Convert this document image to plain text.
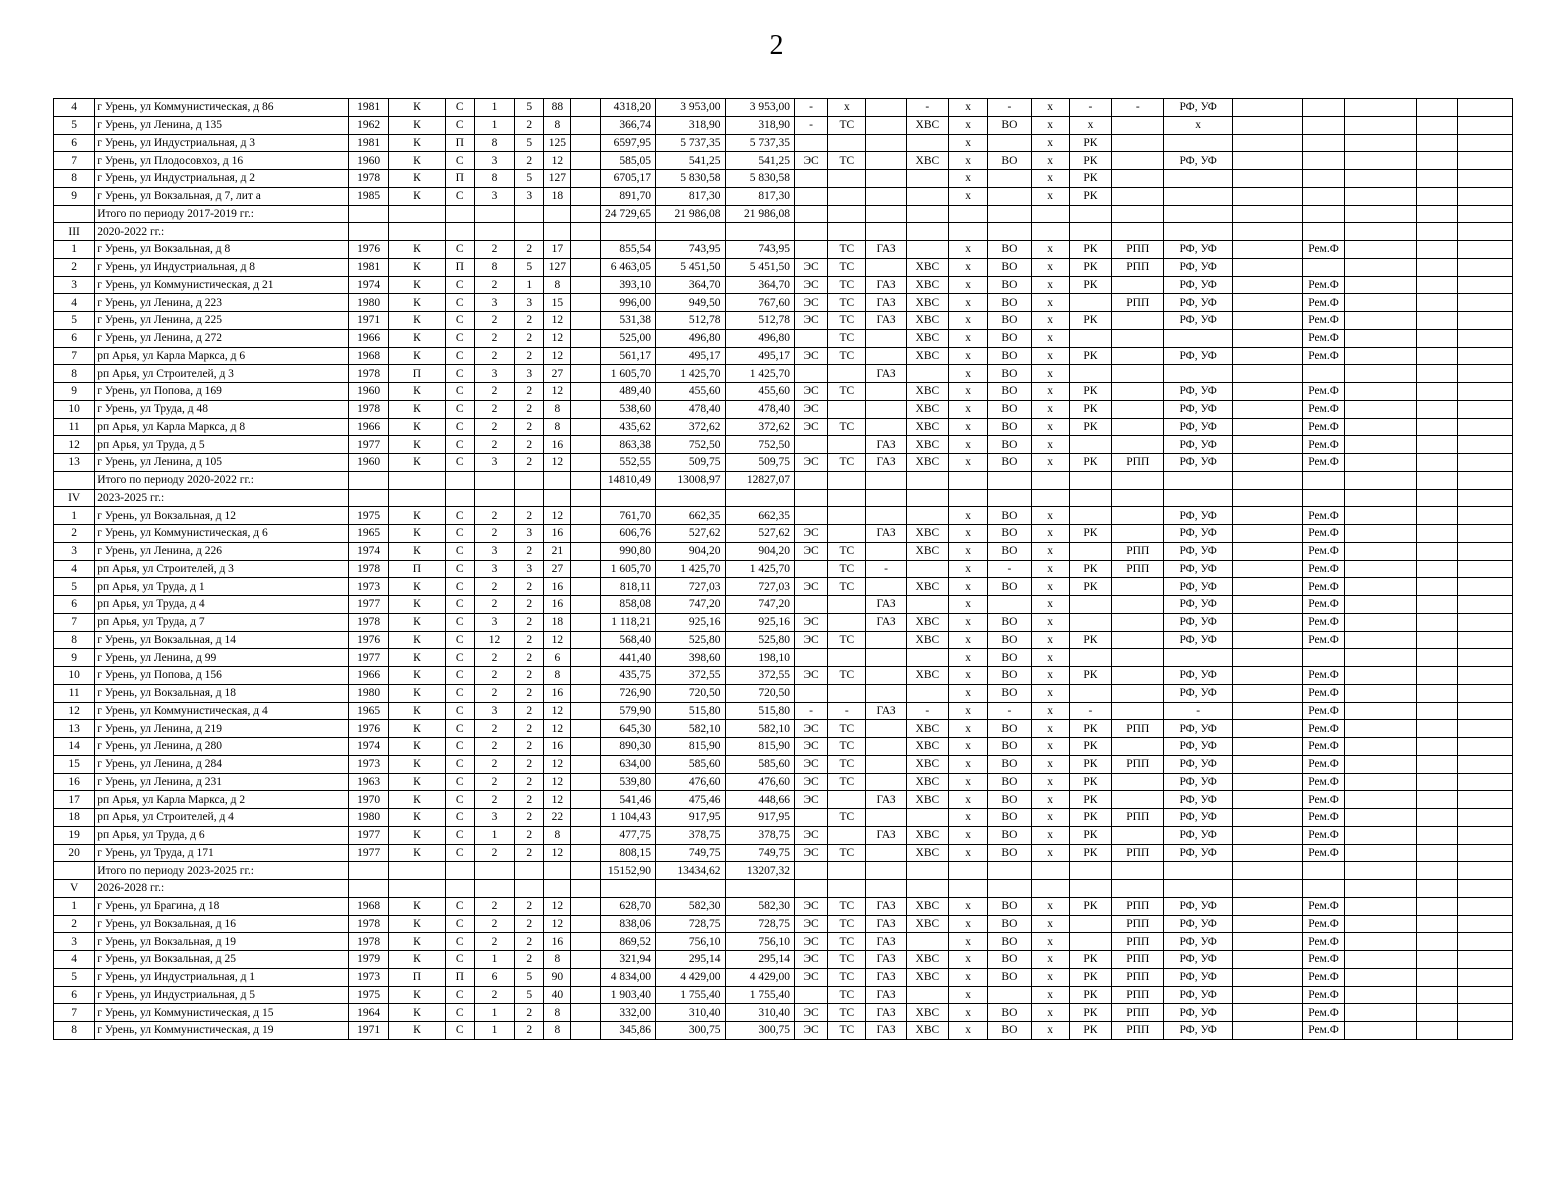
2
4	г Урень, ул Коммунистическая, д 86	1981	К	С	1	5	88		4318,20	3 953,00	3 953,00	-	х		-	х	-	х	-	-	РФ, УФ					
5	г Урень, ул Ленина, д 135	1962	К	С	1	2	8		366,74	318,90	318,90	-	ТС		ХВС	х	ВО	х	х		х					
6	г Урень, ул Индустриальная, д 3	1981	К	П	8	5	125		6597,95	5 737,35	5 737,35					х		х	РК							
7	г Урень, ул Плодосовхоз, д 16	1960	К	С	3	2	12		585,05	541,25	541,25	ЭС	ТС		ХВС	х	ВО	х	РК		РФ, УФ					
8	г Урень, ул Индустриальная, д 2	1978	К	П	8	5	127		6705,17	5 830,58	5 830,58					х		х	РК							
9	г Урень, ул Вокзальная, д 7, лит а	1985	К	С	3	3	18		891,70	817,30	817,30					х		х	РК							
	Итого по периоду 2017-2019 гг.:								24 729,65	21 986,08	21 986,08															
III	2020-2022 гг.:																									
1	г Урень, ул Вокзальная, д 8	1976	К	С	2	2	17		855,54	743,95	743,95		ТС	ГАЗ		х	ВО	х	РК	РПП	РФ, УФ		Рем.Ф			
2	г Урень, ул Индустриальная, д 8	1981	К	П	8	5	127		6 463,05	5 451,50	5 451,50	ЭС	ТС		ХВС	х	ВО	х	РК	РПП	РФ, УФ					
3	г Урень, ул Коммунистическая, д 21	1974	К	С	2	1	8		393,10	364,70	364,70	ЭС	ТС	ГАЗ	ХВС	х	ВО	х	РК		РФ, УФ		Рем.Ф			
4	г Урень, ул Ленина, д 223	1980	К	С	3	3	15		996,00	949,50	767,60	ЭС	ТС	ГАЗ	ХВС	х	ВО	х		РПП	РФ, УФ		Рем.Ф			
5	г Урень, ул Ленина, д 225	1971	К	С	2	2	12		531,38	512,78	512,78	ЭС	ТС	ГАЗ	ХВС	х	ВО	х	РК		РФ, УФ		Рем.Ф			
6	г Урень, ул Ленина, д 272	1966	К	С	2	2	12		525,00	496,80	496,80		ТС		ХВС	х	ВО	х					Рем.Ф			
7	рп Арья, ул Карла Маркса, д 6	1968	К	С	2	2	12		561,17	495,17	495,17	ЭС	ТС		ХВС	х	ВО	х	РК		РФ, УФ		Рем.Ф			
8	рп Арья, ул Строителей, д 3	1978	П	С	3	3	27		1 605,70	1 425,70	1 425,70			ГАЗ		х	ВО	х								
9	г Урень, ул Попова, д 169	1960	К	С	2	2	12		489,40	455,60	455,60	ЭС	ТС		ХВС	х	ВО	х	РК		РФ, УФ		Рем.Ф			
10	г Урень, ул Труда, д 48	1978	К	С	2	2	8		538,60	478,40	478,40	ЭС			ХВС	х	ВО	х	РК		РФ, УФ		Рем.Ф			
11	рп Арья, ул Карла Маркса, д 8	1966	К	С	2	2	8		435,62	372,62	372,62	ЭС	ТС		ХВС	х	ВО	х	РК		РФ, УФ		Рем.Ф			
12	рп Арья, ул Труда, д 5	1977	К	С	2	2	16		863,38	752,50	752,50			ГАЗ	ХВС	х	ВО	х			РФ, УФ		Рем.Ф			
13	г Урень, ул Ленина, д 105	1960	К	С	3	2	12		552,55	509,75	509,75	ЭС	ТС	ГАЗ	ХВС	х	ВО	х	РК	РПП	РФ, УФ		Рем.Ф			
	Итого по периоду 2020-2022 гг.:								14810,49	13008,97	12827,07															
IV	2023-2025 гг.:																									
1	г Урень, ул Вокзальная, д 12	1975	К	С	2	2	12		761,70	662,35	662,35					х	ВО	х			РФ, УФ		Рем.Ф			
2	г Урень, ул Коммунистическая, д 6	1965	К	С	2	3	16		606,76	527,62	527,62	ЭС		ГАЗ	ХВС	х	ВО	х	РК		РФ, УФ		Рем.Ф			
3	г Урень, ул Ленина, д 226	1974	К	С	3	2	21		990,80	904,20	904,20	ЭС	ТС		ХВС	х	ВО	х		РПП	РФ, УФ		Рем.Ф			
4	рп Арья, ул Строителей, д 3	1978	П	С	3	3	27		1 605,70	1 425,70	1 425,70		ТС	-		х	-	х	РК	РПП	РФ, УФ		Рем.Ф			
5	рп Арья, ул Труда, д 1	1973	К	С	2	2	16		818,11	727,03	727,03	ЭС	ТС		ХВС	х	ВО	х	РК		РФ, УФ		Рем.Ф			
6	рп Арья, ул Труда, д 4	1977	К	С	2	2	16		858,08	747,20	747,20			ГАЗ		х		х			РФ, УФ		Рем.Ф			
7	рп Арья, ул Труда, д 7	1978	К	С	3	2	18		1 118,21	925,16	925,16	ЭС		ГАЗ	ХВС	х	ВО	х			РФ, УФ		Рем.Ф			
8	г Урень, ул Вокзальная, д 14	1976	К	С	12	2	12		568,40	525,80	525,80	ЭС	ТС		ХВС	х	ВО	х	РК		РФ, УФ		Рем.Ф			
9	г Урень, ул Ленина, д 99	1977	К	С	2	2	6		441,40	398,60	198,10					х	ВО	х								
10	г Урень, ул Попова, д 156	1966	К	С	2	2	8		435,75	372,55	372,55	ЭС	ТС		ХВС	х	ВО	х	РК		РФ, УФ		Рем.Ф			
11	г Урень, ул Вокзальная, д 18	1980	К	С	2	2	16		726,90	720,50	720,50					х	ВО	х			РФ, УФ		Рем.Ф			
12	г Урень, ул Коммунистическая, д 4	1965	К	С	3	2	12		579,90	515,80	515,80	-	-	ГАЗ	-	х	-	х	-		-		Рем.Ф			
13	г Урень, ул Ленина, д 219	1976	К	С	2	2	12		645,30	582,10	582,10	ЭС	ТС		ХВС	х	ВО	х	РК	РПП	РФ, УФ		Рем.Ф			
14	г Урень, ул Ленина, д 280	1974	К	С	2	2	16		890,30	815,90	815,90	ЭС	ТС		ХВС	х	ВО	х	РК		РФ, УФ		Рем.Ф			
15	г Урень, ул Ленина, д 284	1973	К	С	2	2	12		634,00	585,60	585,60	ЭС	ТС		ХВС	х	ВО	х	РК	РПП	РФ, УФ		Рем.Ф			
16	г Урень, ул Ленина, д 231	1963	К	С	2	2	12		539,80	476,60	476,60	ЭС	ТС		ХВС	х	ВО	х	РК		РФ, УФ		Рем.Ф			
17	рп Арья, ул Карла Маркса, д 2	1970	К	С	2	2	12		541,46	475,46	448,66	ЭС		ГАЗ	ХВС	х	ВО	х	РК		РФ, УФ		Рем.Ф			
18	рп Арья, ул Строителей, д 4	1980	К	С	3	2	22		1 104,43	917,95	917,95		ТС			х	ВО	х	РК	РПП	РФ, УФ		Рем.Ф			
19	рп Арья, ул Труда, д 6	1977	К	С	1	2	8		477,75	378,75	378,75	ЭС		ГАЗ	ХВС	х	ВО	х	РК		РФ, УФ		Рем.Ф			
20	г Урень, ул Труда, д 171	1977	К	С	2	2	12		808,15	749,75	749,75	ЭС	ТС		ХВС	х	ВО	х	РК	РПП	РФ, УФ		Рем.Ф			
	Итого по периоду 2023-2025 гг.:								15152,90	13434,62	13207,32															
V	2026-2028 гг.:																									
1	г Урень, ул Брагина, д 18	1968	К	С	2	2	12		628,70	582,30	582,30	ЭС	ТС	ГАЗ	ХВС	х	ВО	х	РК	РПП	РФ, УФ		Рем.Ф			
2	г Урень, ул Вокзальная, д 16	1978	К	С	2	2	12		838,06	728,75	728,75	ЭС	ТС	ГАЗ	ХВС	х	ВО	х		РПП	РФ, УФ		Рем.Ф			
3	г Урень, ул Вокзальная, д 19	1978	К	С	2	2	16		869,52	756,10	756,10	ЭС	ТС	ГАЗ		х	ВО	х		РПП	РФ, УФ		Рем.Ф			
4	г Урень, ул Вокзальная, д 25	1979	К	С	1	2	8		321,94	295,14	295,14	ЭС	ТС	ГАЗ	ХВС	х	ВО	х	РК	РПП	РФ, УФ		Рем.Ф			
5	г Урень, ул Индустриальная, д 1	1973	П	П	6	5	90		4 834,00	4 429,00	4 429,00	ЭС	ТС	ГАЗ	ХВС	х	ВО	х	РК	РПП	РФ, УФ		Рем.Ф			
6	г Урень, ул Индустриальная, д 5	1975	К	С	2	5	40		1 903,40	1 755,40	1 755,40		ТС	ГАЗ		х		х	РК	РПП	РФ, УФ		Рем.Ф			
7	г Урень, ул Коммунистическая, д 15	1964	К	С	1	2	8		332,00	310,40	310,40	ЭС	ТС	ГАЗ	ХВС	х	ВО	х	РК	РПП	РФ, УФ		Рем.Ф			
8	г Урень, ул Коммунистическая, д 19	1971	К	С	1	2	8		345,86	300,75	300,75	ЭС	ТС	ГАЗ	ХВС	х	ВО	х	РК	РПП	РФ, УФ		Рем.Ф			
